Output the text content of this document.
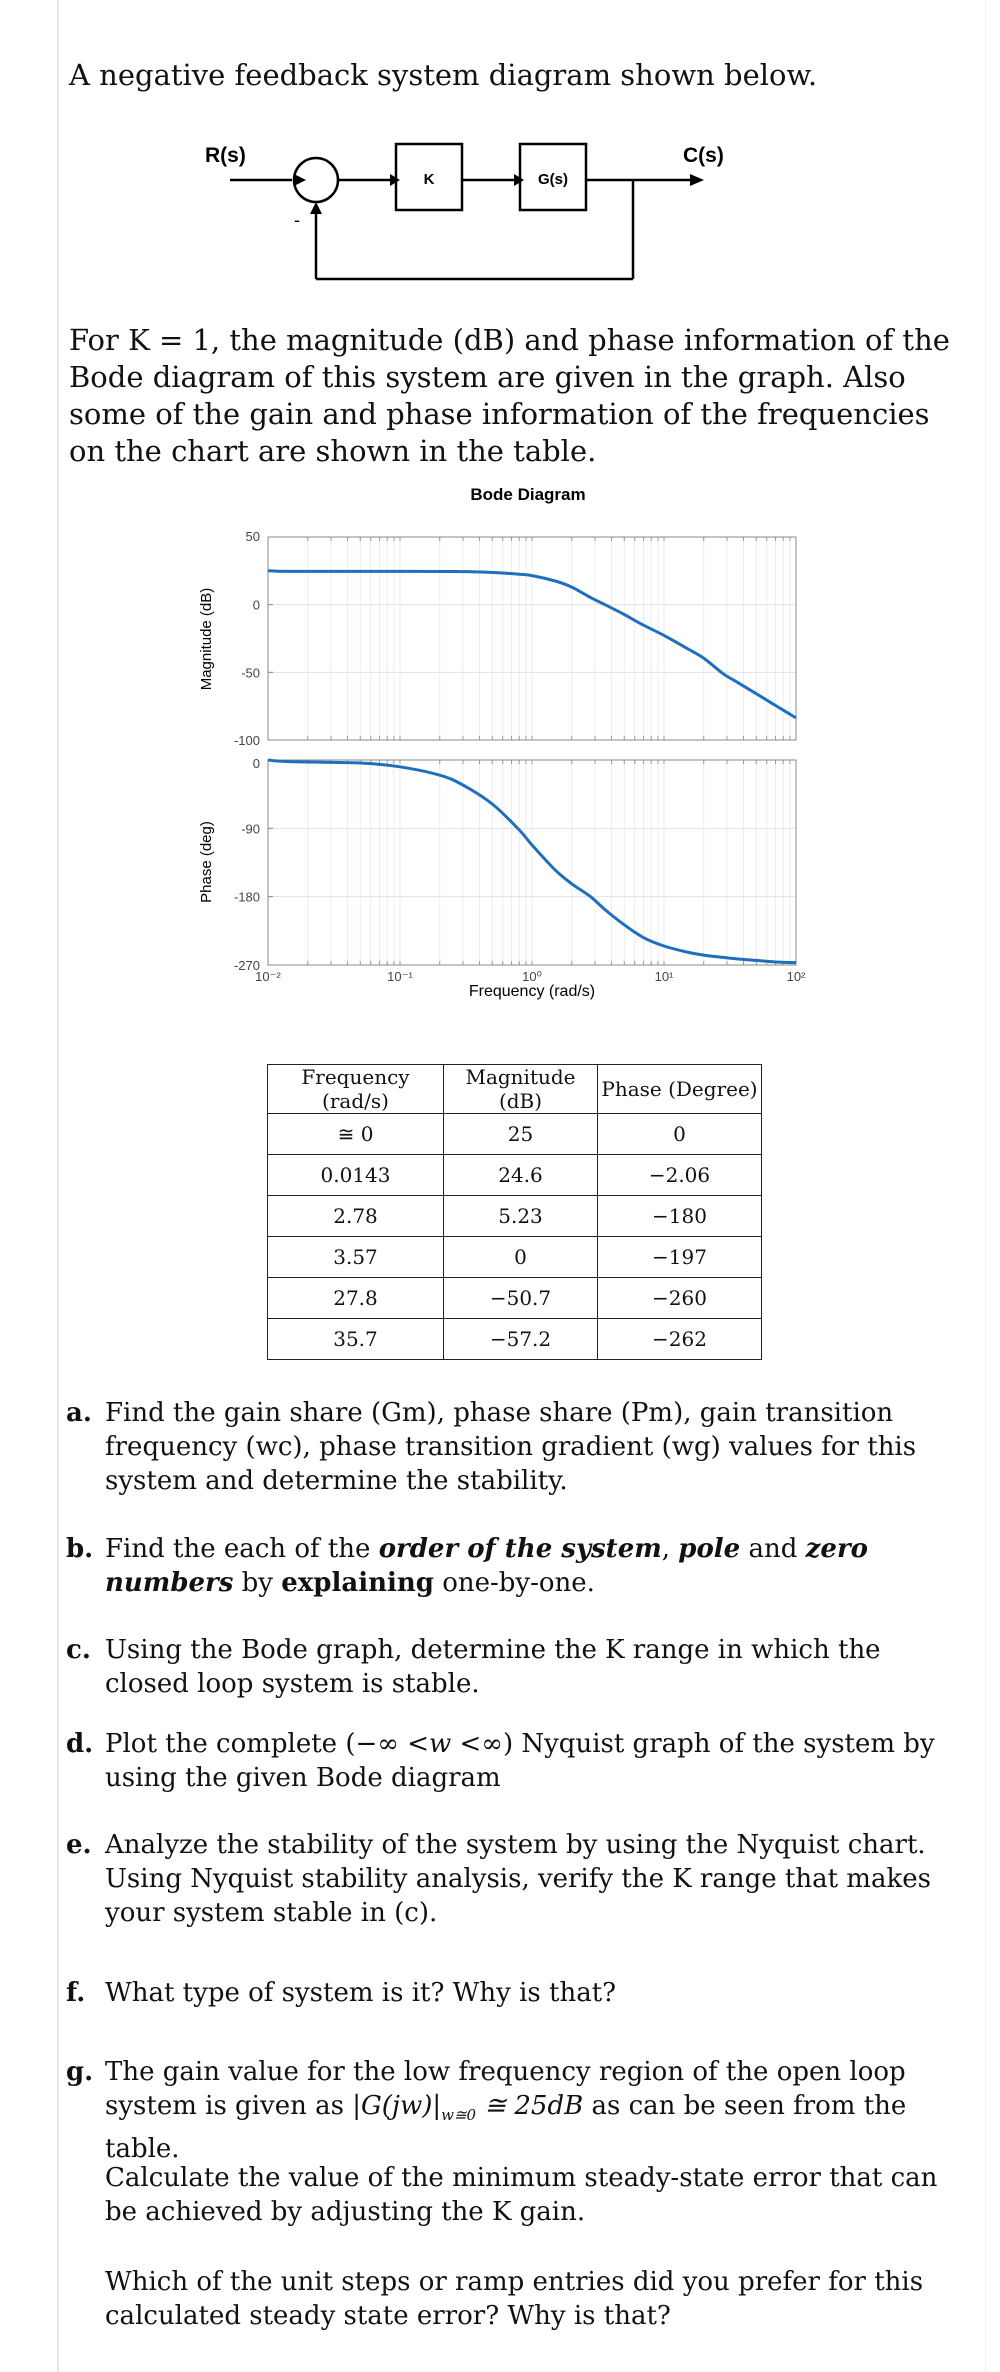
A negative feedback system diagram shown below.
R(s)	C(s)
K	G(s)
-
For K = 1, the magnitude (dB) and phase information of the Bode diagram of this system are given in the graph. Also some of the gain and phase information of the frequencies on the chart are shown in the table.
Bode Diagram
50
0
-50
-100
0
-90
-180
-270
10⁻²	10⁻¹	10⁰	10¹	10²
Magnitude (dB)
Phase (deg)
Frequency (rad/s)
Frequency (rad/s)	Magnitude (dB)	Phase (Degree)
≅ 0	25	0
0.0143	24.6	−2.06
2.78	5.23	−180
3.57	0	−197
27.8	−50.7	−260
35.7	−57.2	−262
a. Find the gain share (Gm), phase share (Pm), gain transition frequency (wc), phase transition gradient (wg) values for this system and determine the stability.
b. Find the each of the order of the system, pole and zero numbers by explaining one-by-one.
c. Using the Bode graph, determine the K range in which the closed loop system is stable.
d. Plot the complete (−∞ <w <∞) Nyquist graph of the system by using the given Bode diagram
e. Analyze the stability of the system by using the Nyquist chart. Using Nyquist stability analysis, verify the K range that makes your system stable in (c).
f. What type of system is it? Why is that?
g. The gain value for the low frequency region of the open loop system is given as $|G(jw)|_{w≅0}$ ≅ 25dB as can be seen from the table.
Calculate the value of the minimum steady-state error that can be achieved by adjusting the K gain.
Which of the unit steps or ramp entries did you prefer for this calculated steady state error? Why is that?
